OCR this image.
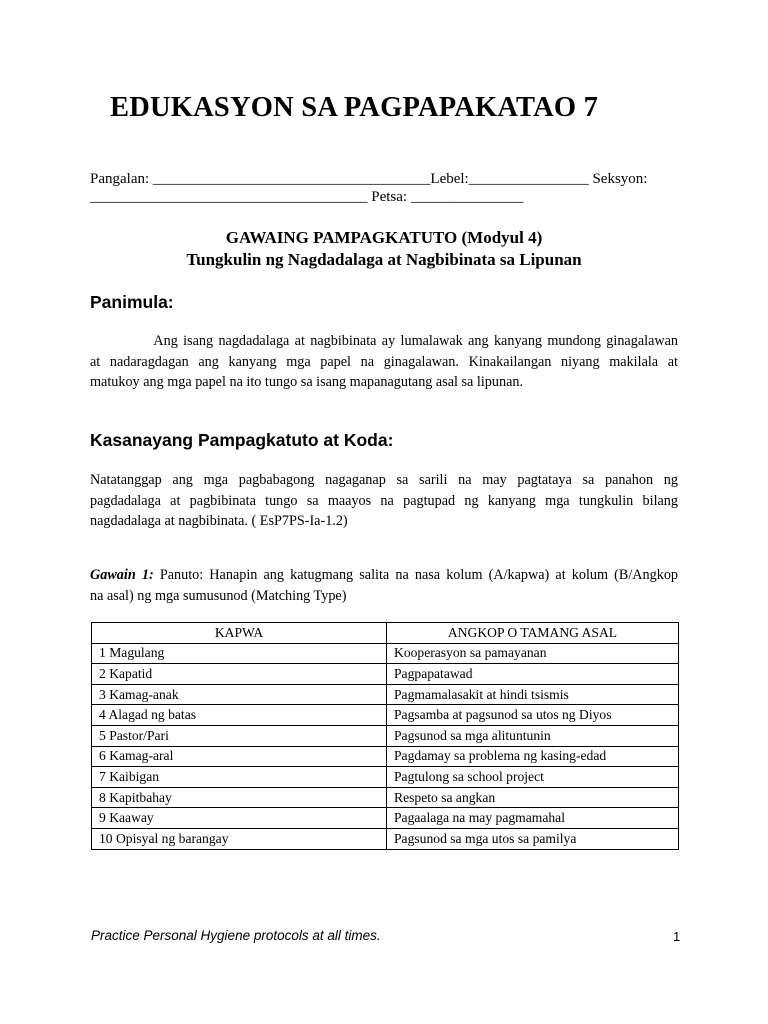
EDUKASYON SA PAGPAPAKATAO 7
Pangalan: _____________________________________Lebel:________________ Seksyon:
_____________________________________ Petsa: _______________
GAWAING PAMPAGKATUTO (Modyul 4)
Tungkulin ng Nagdadalaga at Nagbibinata sa Lipunan
Panimula:
Ang isang nagdadalaga at nagbibinata ay lumalawak ang kanyang mundong ginagalawan
at nadaragdagan ang kanyang mga papel na ginagalawan. Kinakailangan niyang makilala at
matukoy ang mga papel na ito tungo sa isang mapanagutang asal sa lipunan.
Kasanayang Pampagkatuto at Koda:
Natatanggap ang mga pagbabagong nagaganap sa sarili na may pagtataya sa panahon ng
pagdadalaga at pagbibinata tungo sa maayos na pagtupad ng kanyang mga tungkulin bilang
nagdadalaga at nagbibinata. ( EsP7PS-Ia-1.2)
Gawain 1: Panuto: Hanapin ang katugmang salita na nasa kolum (A/kapwa) at kolum (B/Angkop
na asal) ng mga sumusunod (Matching Type)
KAPWA	ANGKOP O TAMANG ASAL
1 Magulang	Kooperasyon sa pamayanan
2 Kapatid	Pagpapatawad
3 Kamag-anak	Pagmamalasakit at hindi tsismis
4 Alagad ng batas	Pagsamba at pagsunod sa utos ng Diyos
5 Pastor/Pari	Pagsunod sa mga alituntunin
6 Kamag-aral	Pagdamay sa problema ng kasing-edad
7 Kaibigan	Pagtulong sa school project
8 Kapitbahay	Respeto sa angkan
9 Kaaway	Pagaalaga na may pagmamahal
10 Opisyal ng barangay	Pagsunod sa mga utos sa pamilya
Practice Personal Hygiene protocols at all times.	1
